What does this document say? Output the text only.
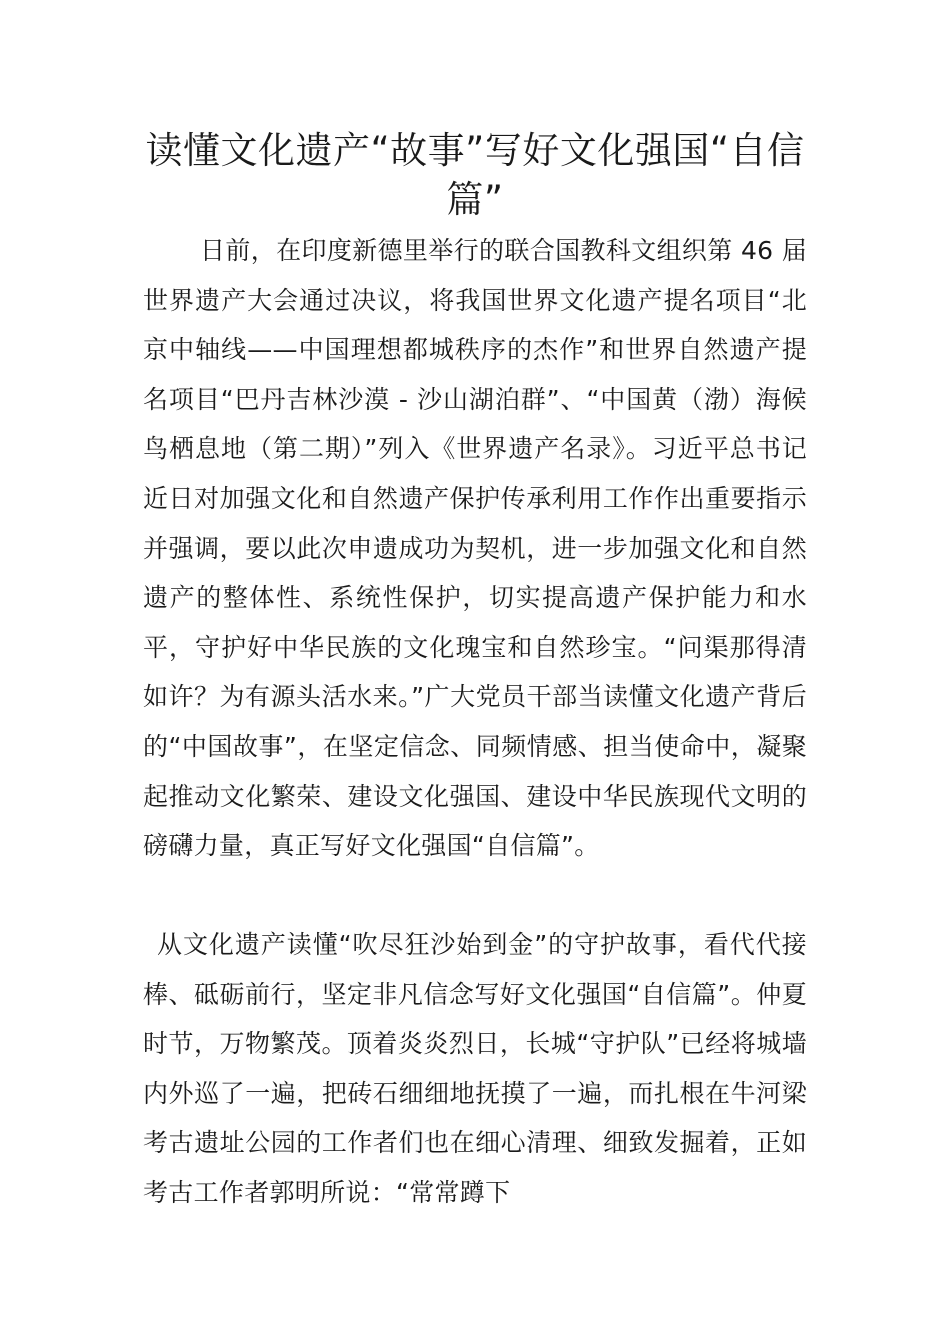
读懂文化遗产“故事”写好文化强国“自信篇”

日前，在印度新德里举行的联合国教科文组织第 46 届世界遗产大会通过决议，将我国世界文化遗产提名项目“北京中轴线——中国理想都城秩序的杰作”和世界自然遗产提名项目“巴丹吉林沙漠 - 沙山湖泊群”、“中国黄（渤）海候鸟栖息地（第二期）”列入《世界遗产名录》。习近平总书记近日对加强文化和自然遗产保护传承利用工作作出重要指示并强调，要以此次申遗成功为契机，进一步加强文化和自然遗产的整体性、系统性保护，切实提高遗产保护能力和水平，守护好中华民族的文化瑰宝和自然珍宝。“问渠那得清如许？为有源头活水来。”广大党员干部当读懂文化遗产背后的“中国故事”，在坚定信念、同频情感、担当使命中，凝聚起推动文化繁荣、建设文化强国、建设中华民族现代文明的磅礴力量，真正写好文化强国“自信篇”。

从文化遗产读懂“吹尽狂沙始到金”的守护故事，看代代接棒、砥砺前行，坚定非凡信念写好文化强国“自信篇”。仲夏时节，万物繁茂。顶着炎炎烈日，长城“守护队”已经将城墙内外巡了一遍，把砖石细细地抚摸了一遍，而扎根在牛河梁考古遗址公园的工作者们也在细心清理、细致发掘着，正如考古工作者郭明所说：“常常蹲下
